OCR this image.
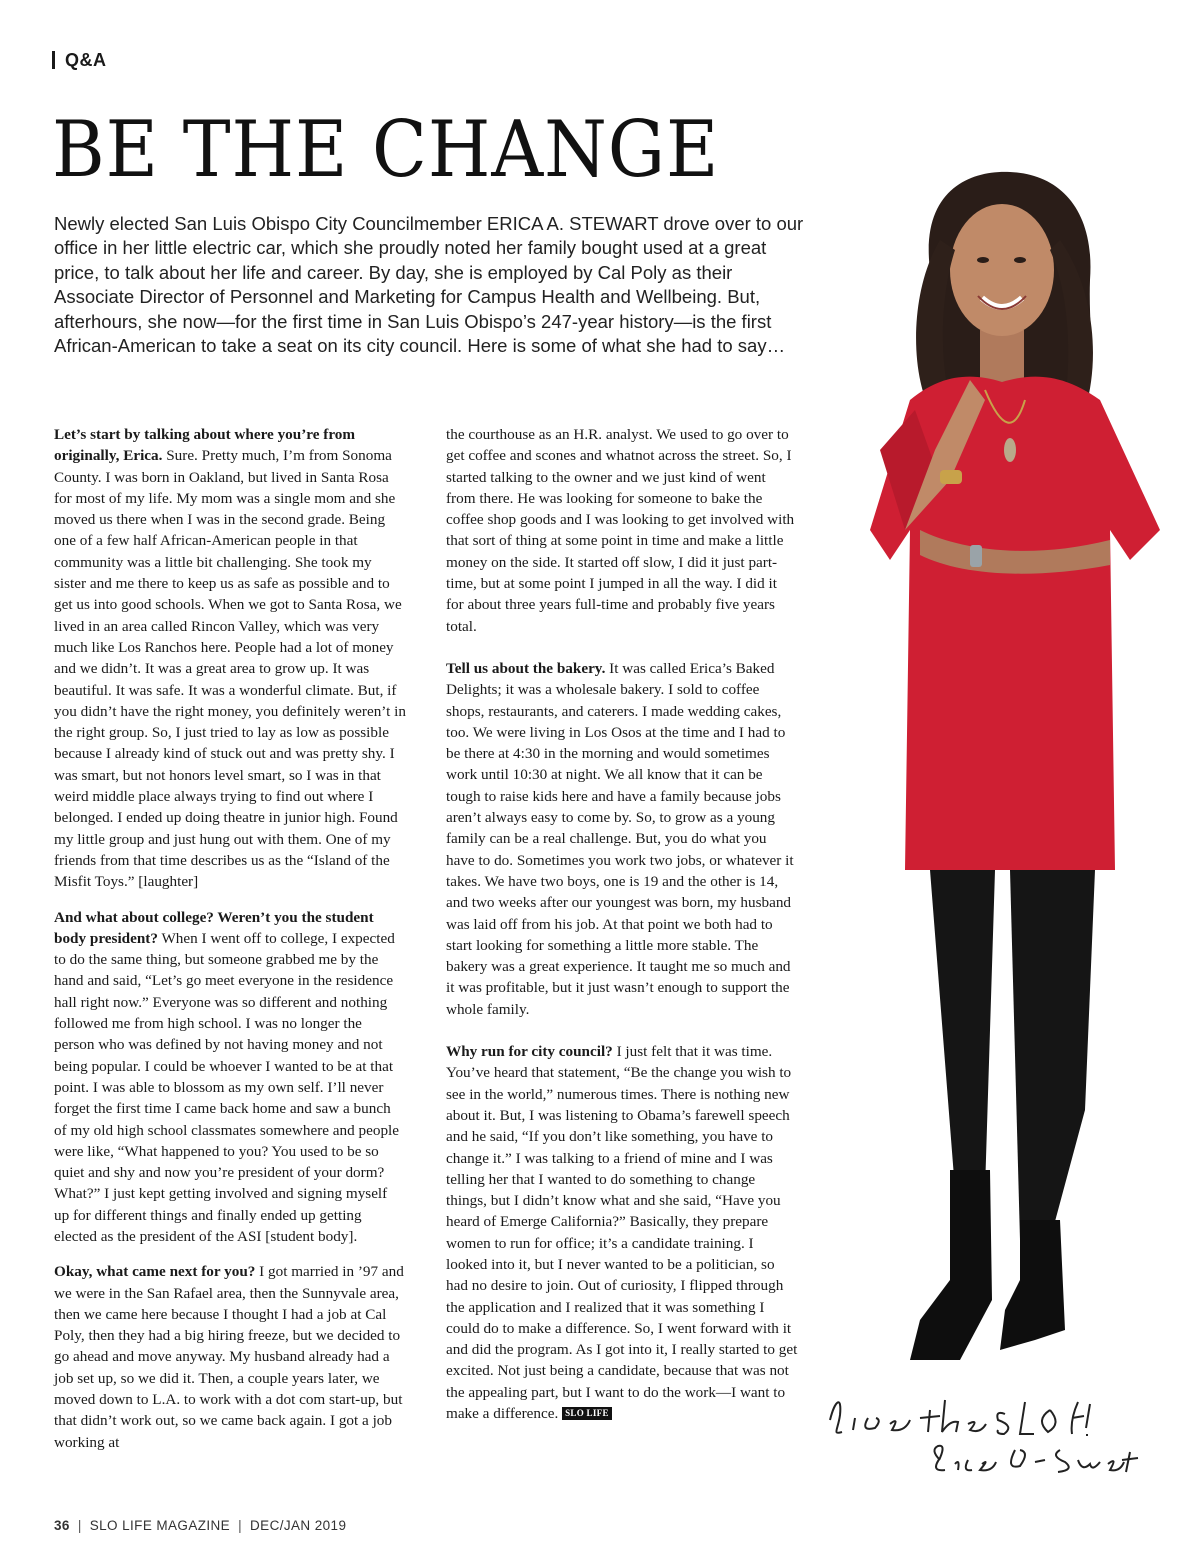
Q&A
BE THE CHANGE

Newly elected San Luis Obispo City Councilmember ERICA A. STEWART drove over to our office in her little electric car, which she proudly noted her family bought used at a great price, to talk about her life and career. By day, she is employed by Cal Poly as their Associate Director of Personnel and Marketing for Campus Health and Wellbeing. But, afterhours, she now—for the first time in San Luis Obispo’s 247-year history—is the first African-American to take a seat on its city council. Here is some of what she had to say…

Let’s start by talking about where you’re from originally, Erica. Sure. Pretty much, I’m from Sonoma County. I was born in Oakland, but lived in Santa Rosa for most of my life. My mom was a single mom and she moved us there when I was in the second grade. Being one of a few half African-American people in that community was a little bit challenging. She took my sister and me there to keep us as safe as possible and to get us into good schools. When we got to Santa Rosa, we lived in an area called Rincon Valley, which was very much like Los Ranchos here. People had a lot of money and we didn’t. It was a great area to grow up. It was beautiful. It was safe. It was a wonderful climate. But, if you didn’t have the right money, you definitely weren’t in the right group. So, I just tried to lay as low as possible because I already kind of stuck out and was pretty shy. I was smart, but not honors level smart, so I was in that weird middle place always trying to find out where I belonged. I ended up doing theatre in junior high. Found my little group and just hung out with them. One of my friends from that time describes us as the “Island of the Misfit Toys.” [laughter]

And what about college? Weren’t you the student body president? When I went off to college, I expected to do the same thing, but someone grabbed me by the hand and said, “Let’s go meet everyone in the residence hall right now.” Everyone was so different and nothing followed me from high school. I was no longer the person who was defined by not having money and not being popular. I could be whoever I wanted to be at that point. I was able to blossom as my own self. I’ll never forget the first time I came back home and saw a bunch of my old high school classmates somewhere and people were like, “What happened to you? You used to be so quiet and shy and now you’re president of your dorm? What?” I just kept getting involved and signing myself up for different things and finally ended up getting elected as the president of the ASI [student body].

Okay, what came next for you? I got married in ’97 and we were in the San Rafael area, then the Sunnyvale area, then we came here because I thought I had a job at Cal Poly, then they had a big hiring freeze, but we decided to go ahead and move anyway. My husband already had a job set up, so we did it. Then, a couple years later, we moved down to L.A. to work with a dot com start-up, but that didn’t work out, so we came back again. I got a job working at

the courthouse as an H.R. analyst. We used to go over to get coffee and scones and whatnot across the street. So, I started talking to the owner and we just kind of went from there. He was looking for someone to bake the coffee shop goods and I was looking to get involved with that sort of thing at some point in time and make a little money on the side. It started off slow, I did it just part-time, but at some point I jumped in all the way. I did it for about three years full-time and probably five years total.

Tell us about the bakery. It was called Erica’s Baked Delights; it was a wholesale bakery. I sold to coffee shops, restaurants, and caterers. I made wedding cakes, too. We were living in Los Osos at the time and I had to be there at 4:30 in the morning and would sometimes work until 10:30 at night. We all know that it can be tough to raise kids here and have a family because jobs aren’t always easy to come by. So, to grow as a young family can be a real challenge. But, you do what you have to do. Sometimes you work two jobs, or whatever it takes. We have two boys, one is 19 and the other is 14, and two weeks after our youngest was born, my husband was laid off from his job. At that point we both had to start looking for something a little more stable. The bakery was a great experience. It taught me so much and it was profitable, but it just wasn’t enough to support the whole family.

Why run for city council? I just felt that it was time. You’ve heard that statement, “Be the change you wish to see in the world,” numerous times. There is nothing new about it. But, I was listening to Obama’s farewell speech and he said, “If you don’t like something, you have to change it.” I was talking to a friend of mine and I was telling her that I wanted to do something to change things, but I didn’t know what and she said, “Have you heard of Emerge California?” Basically, they prepare women to run for office; it’s a candidate training. I looked into it, but I never wanted to be a politician, so had no desire to join. Out of curiosity, I flipped through the application and I realized that it was something I could do to make a difference. So, I went forward with it and did the program. As I got into it, I really started to get excited. Not just being a candidate, because that was not the appealing part, but I want to do the work—I want to make a difference. SLO LIFE

36 | SLO LIFE MAGAZINE | DEC/JAN 2019
